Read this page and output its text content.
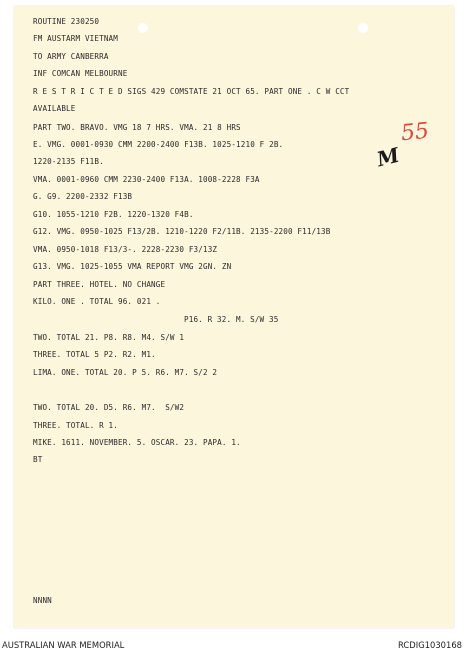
ROUTINE 230250
FM AUSTARM VIETNAM
TO ARMY CANBERRA
INF COMCAN MELBOURNE
R E S T R I C T E D SIGS 429 COMSTATE 21 OCT 65. PART ONE . C W CCT
AVAILABLE
PART TWO. BRAVO. VMG 18 7 HRS. VMA. 21 8 HRS
E. VMG. 0001-0930 CMM 2200-2400 F13B. 1025-1210 F 2B.
1220-2135 F11B.
VMA. 0001-0960 CMM 2230-2400 F13A. 1008-2228 F3A
G. G9. 2200-2332 F13B
G10. 1055-1210 F2B. 1220-1320 F4B.
G12. VMG. 0950-1025 F13/2B. 1210-1220 F2/11B. 2135-2200 F11/13B
VMA. 0950-1018 F13/3-. 2228-2230 F3/13Z
G13. VMG. 1025-1055 VMA REPORT VMG 2GN. ZN
PART THREE. HOTEL. NO CHANGE
KILO. ONE . TOTAL 96. 021 .
P16. R 32. M. S/W 35
TWO. TOTAL 21. P8. R8. M4. S/W 1
THREE. TOTAL 5 P2. R2. M1.
LIMA. ONE. TOTAL 20. P 5. R6. M7. S/2 2
TWO. TOTAL 20. D5. R6. M7.  S/W2
THREE. TOTAL. R 1.
MIKE. 1611. NOVEMBER. 5. OSCAR. 23. PAPA. 1.
BT
NNNN
55
M
AUSTRALIAN WAR MEMORIAL	RCDIG1030168
